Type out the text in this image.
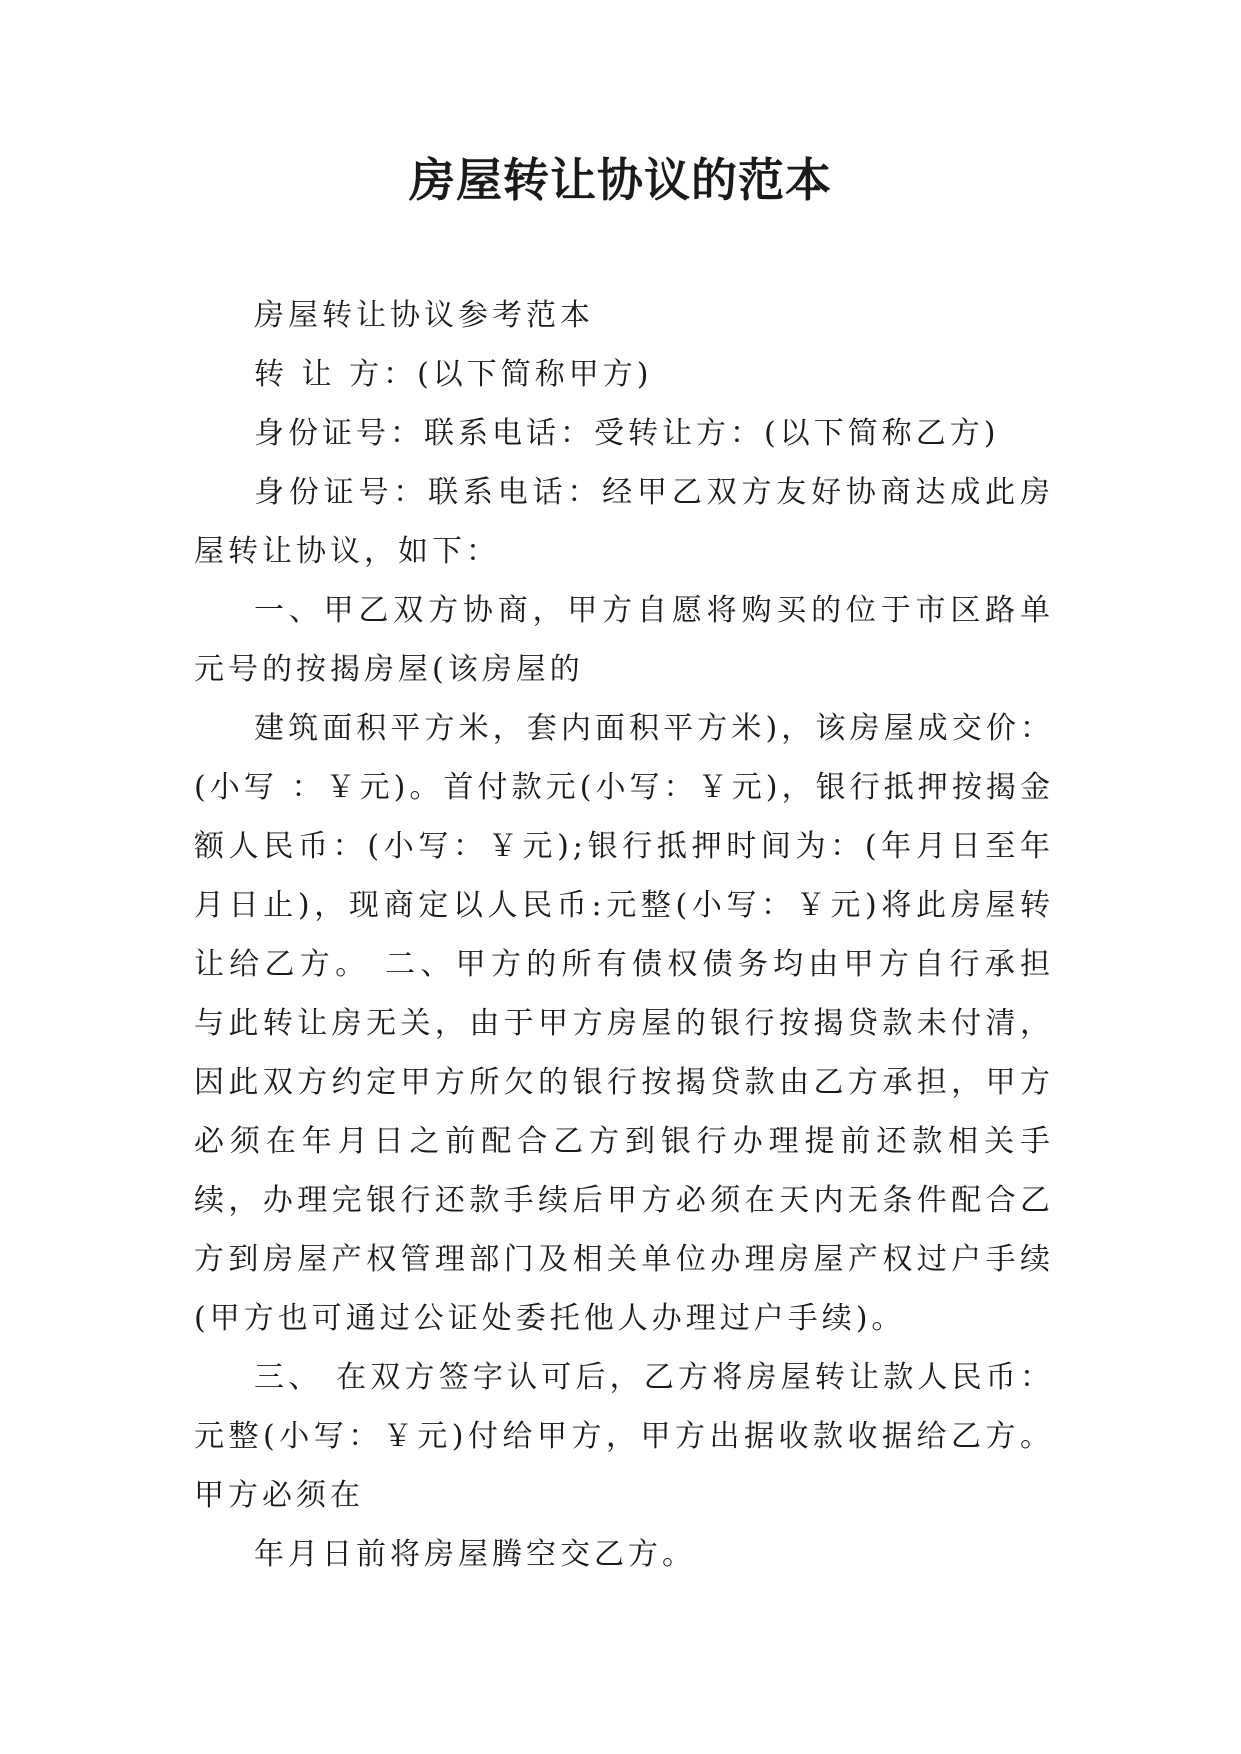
房屋转让协议的范本

房屋转让协议参考范本

转 让 方：(以下简称甲方)

身份证号：联系电话：受转让方：(以下简称乙方)

身份证号：联系电话：经甲乙双方友好协商达成此房屋转让协议，如下：

一、甲乙双方协商，甲方自愿将购买的位于市区路单元号的按揭房屋(该房屋的

建筑面积平方米，套内面积平方米)，该房屋成交价：(小写 ：￥元)。首付款元(小写：￥元)，银行抵押按揭金额人民币：(小写：￥元);银行抵押时间为：(年月日至年月日止)，现商定以人民币:元整(小写：￥元)将此房屋转让给乙方。 二、甲方的所有债权债务均由甲方自行承担与此转让房无关，由于甲方房屋的银行按揭贷款未付清，因此双方约定甲方所欠的银行按揭贷款由乙方承担，甲方必须在年月日之前配合乙方到银行办理提前还款相关手续，办理完银行还款手续后甲方必须在天内无条件配合乙方到房屋产权管理部门及相关单位办理房屋产权过户手续(甲方也可通过公证处委托他人办理过户手续)。

三、 在双方签字认可后，乙方将房屋转让款人民币：元整(小写：￥元)付给甲方，甲方出据收款收据给乙方。甲方必须在

年月日前将房屋腾空交乙方。
